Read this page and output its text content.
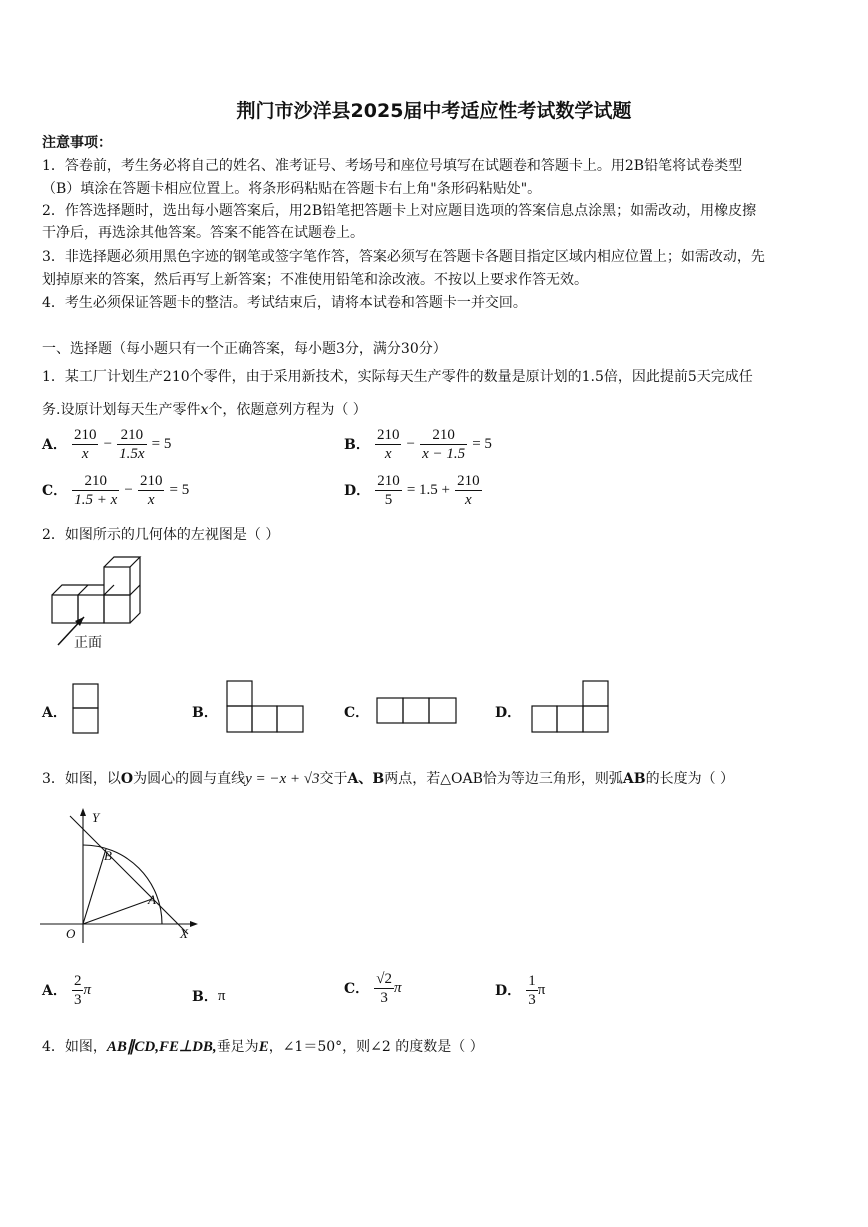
荆门市沙洋县2025届中考适应性考试数学试题
注意事项：
1．答卷前，考生务必将自己的姓名、准考证号、考场号和座位号填写在试题卷和答题卡上。用2B铅笔将试卷类型
（B）填涂在答题卡相应位置上。将条形码粘贴在答题卡右上角"条形码粘贴处"。
2．作答选择题时，选出每小题答案后，用2B铅笔把答题卡上对应题目选项的答案信息点涂黑；如需改动，用橡皮擦
干净后，再选涂其他答案。答案不能答在试题卷上。
3．非选择题必须用黑色字迹的钢笔或签字笔作答，答案必须写在答题卡各题目指定区域内相应位置上；如需改动，先
划掉原来的答案，然后再写上新答案；不准使用铅笔和涂改液。不按以上要求作答无效。
4．考生必须保证答题卡的整洁。考试结束后，请将本试卷和答题卡一并交回。
一、选择题（每小题只有一个正确答案，每小题3分，满分30分）
1．某工厂计划生产210个零件，由于采用新技术，实际每天生产零件的数量是原计划的1.5倍，因此提前5天完成任
务.设原计划每天生产零件x个，依题意列方程为（ ）
A． $\frac{210}{x} - \frac{210}{1.5x} = 5$	B． $\frac{210}{x} - \frac{210}{x - 1.5} = 5$
C． $\frac{210}{1.5 + x} - \frac{210}{x} = 5$	D． $\frac{210}{5} = 1.5 + \frac{210}{x}$
2．如图所示的几何体的左视图是（ ）
正面
A．	B．	C．	D．
3．如图，以O为圆心的圆与直线y = −x + √3交于A、B两点，若△OAB恰为等边三角形，则弧AB的长度为（ ）
Y
X
O
B
A
A． $\frac{2}{3}$ π	B．π	C． $\frac{√2}{3}$ π	D． $\frac{1}{3}$ π
4．如图，AB∥CD,FE⊥DB,垂足为E，∠1＝50°，则∠2 的度数是（ ）
